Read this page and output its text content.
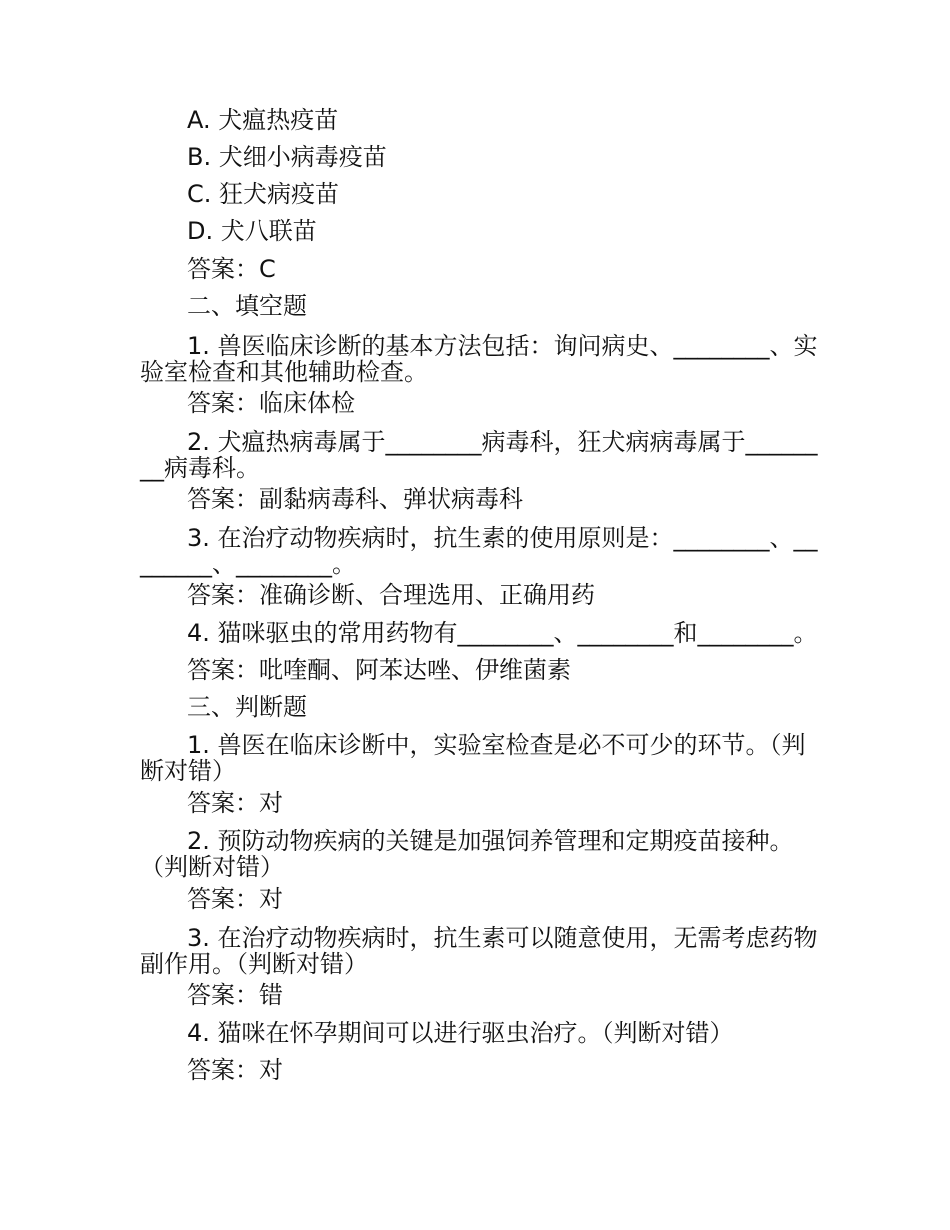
A. 犬瘟热疫苗
B. 犬细小病毒疫苗
C. 狂犬病疫苗
D. 犬八联苗
答案：C
二、填空题
1. 兽医临床诊断的基本方法包括：询问病史、________、实验室检查和其他辅助检查。
答案：临床体检
2. 犬瘟热病毒属于________病毒科，狂犬病病毒属于________病毒科。
答案：副黏病毒科、弹状病毒科
3. 在治疗动物疾病时，抗生素的使用原则是：________、________、________。
答案：准确诊断、合理选用、正确用药
4. 猫咪驱虫的常用药物有________、________和________。
答案：吡喹酮、阿苯达唑、伊维菌素
三、判断题
1. 兽医在临床诊断中，实验室检查是必不可少的环节。（判断对错）
答案：对
2. 预防动物疾病的关键是加强饲养管理和定期疫苗接种。（判断对错）
答案：对
3. 在治疗动物疾病时，抗生素可以随意使用，无需考虑药物副作用。（判断对错）
答案：错
4. 猫咪在怀孕期间可以进行驱虫治疗。（判断对错）
答案：对
